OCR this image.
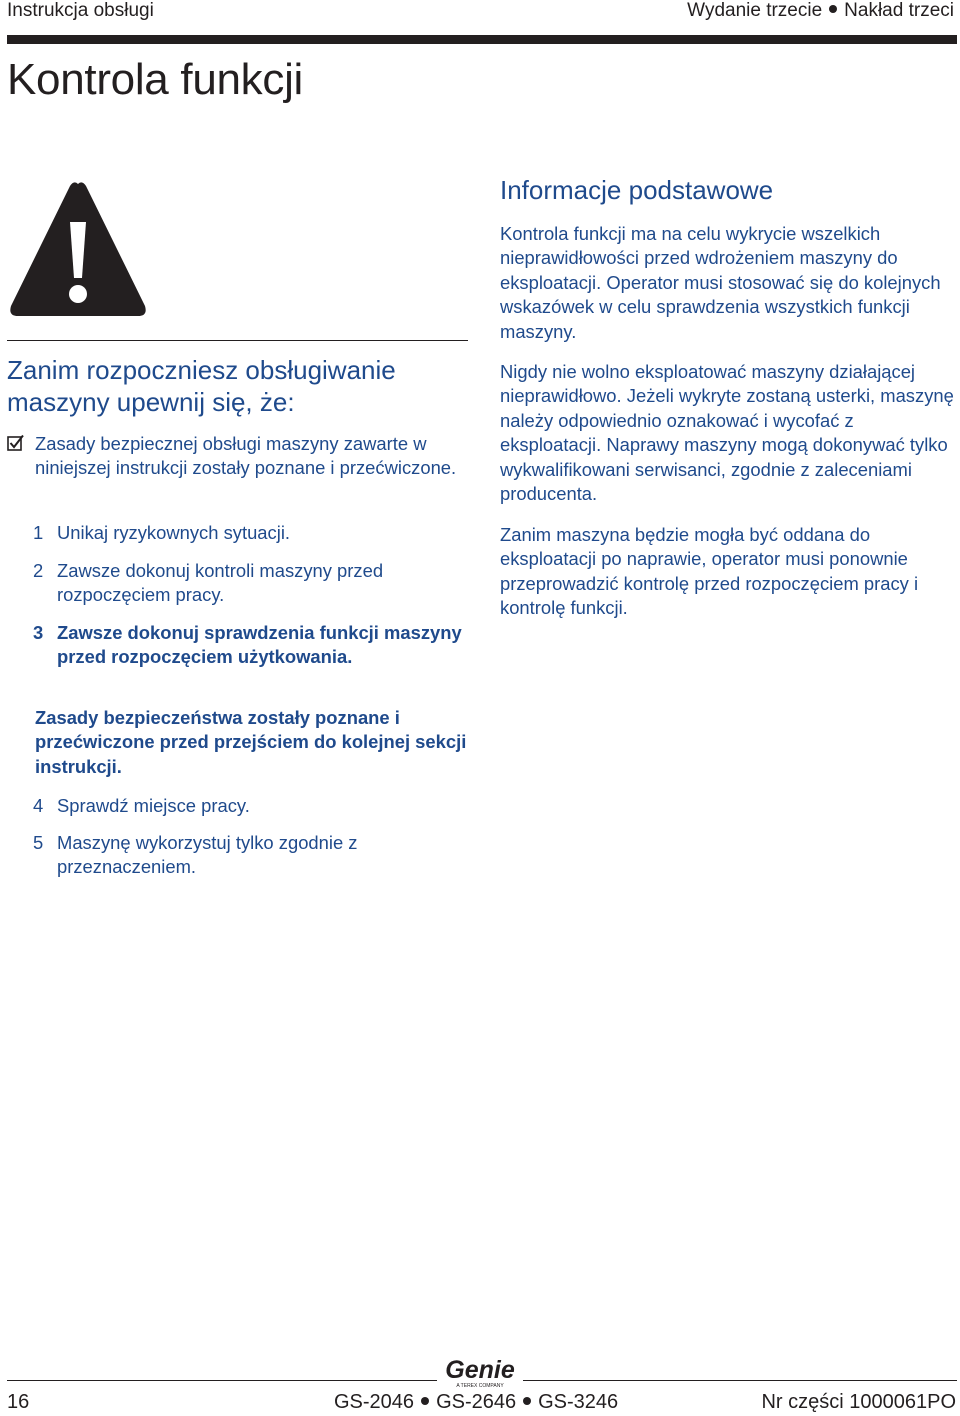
Instrukcja obsługi	Wydanie trzecie Nakład trzeci
Kontrola funkcji
Zanim rozpoczniesz obsługiwanie maszyny upewnij się, że:
Zasady bezpiecznej obsługi maszyny zawarte w niniejszej instrukcji zostały poznane i przećwiczone.
1 Unikaj ryzykownych sytuacji.
2 Zawsze dokonuj kontroli maszyny przed rozpoczęciem pracy.
3 Zawsze dokonuj sprawdzenia funkcji maszyny przed rozpoczęciem użytkowania.
Zasady bezpieczeństwa zostały poznane i przećwiczone przed przejściem do kolejnej sekcji instrukcji.
4 Sprawdź miejsce pracy.
5 Maszynę wykorzystuj tylko zgodnie z przeznaczeniem.
Informacje podstawowe
Kontrola funkcji ma na celu wykrycie wszelkich nieprawidłowości przed wdrożeniem maszyny do eksploatacji. Operator musi stosować się do kolejnych wskazówek w celu sprawdzenia wszystkich funkcji maszyny.
Nigdy nie wolno eksploatować maszyny działającej nieprawidłowo. Jeżeli wykryte zostaną usterki, maszynę należy odpowiednio oznakować i wycofać z eksploatacji. Naprawy maszyny mogą dokonywać tylko wykwalifikowani serwisanci, zgodnie z zaleceniami producenta.
Zanim maszyna będzie mogła być oddana do eksploatacji po naprawie, operator musi ponownie przeprowadzić kontrolę przed rozpoczęciem pracy i kontrolę funkcji.
Genie
A TEREX COMPANY
16	GS-2046 GS-2646 GS-3246	Nr części 1000061PO
